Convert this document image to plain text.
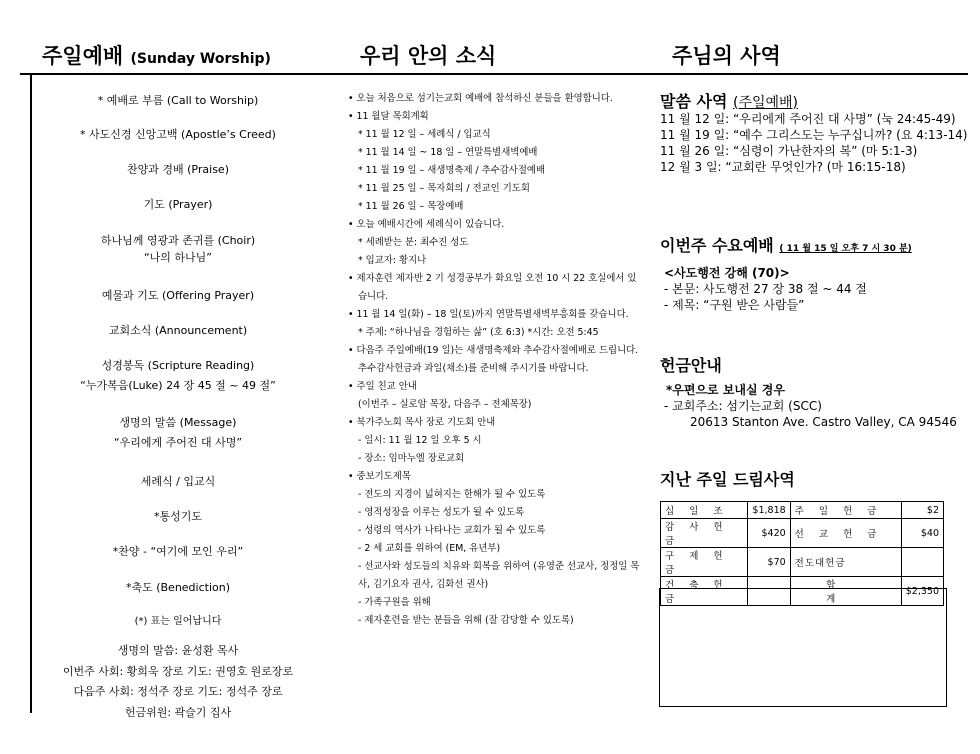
주일예배 (Sunday Worship)	우리 안의 소식	주님의 사역
* 예배로 부름 (Call to Worship)
* 사도신경 신앙고백 (Apostle’s Creed)
찬양과 경배 (Praise)
기도 (Prayer)
하나님께 영광과 존귀를 (Choir)
“나의 하나님”
예물과 기도 (Offering Prayer)
교회소식 (Announcement)
성경봉독 (Scripture Reading)
“누가복음(Luke) 24 장 45 절 ~ 49 절”
생명의 말씀 (Message)
“우리에게 주어진 대 사명”
세례식 / 입교식
*통성기도
*찬양 - “여기에 모인 우리”
*축도 (Benediction)
(*) 표는 일어납니다
생명의 말씀: 윤성환 목사
이번주 사회: 황희욱 장로 기도: 권영호 원로장로
다음주 사회: 정석주 장로 기도: 정석주 장로
헌금위원: 곽슬기 집사
• 오늘 처음으로 섬기는교회 예배에 참석하신 분들을 환영합니다.
• 11 월달 목회계획
* 11 월 12 일 – 세례식 / 입교식
* 11 월 14 일 ~ 18 일 – 연말특별새벽예배
* 11 월 19 일 – 새생명축제 / 추수감사절예배
* 11 월 25 일 – 목자회의 / 전교인 기도회
* 11 월 26 일 – 목장예배
• 오늘 예배시간에 세례식이 있습니다.
* 세례받는 분: 최수진 성도
* 입교자: 황지나
• 제자훈련 제자반 2 기 성경공부가 화요일 오전 10 시 22 호실에서 있습니다.
• 11 월 14 일(화) – 18 일(토)까지 연말특별새벽부흥회를 갖습니다.
* 주제: “하나님을 경험하는 삶” (호 6:3) *시간: 오전 5:45
• 다음주 주일예배(19 일)는 새생명축제와 추수감사절예배로 드립니다.
추수감사헌금과 과일(채소)를 준비해 주시기를 바랍니다.
• 주일 친교 안내
(이번주 – 실로암 목장, 다음주 – 전체목장)
• 북가주노회 목사 장로 기도회 안내
- 일시: 11 월 12 일 오후 5 시
- 장소: 임마누엘 장로교회
• 중보기도제목
- 전도의 지경이 넓혀지는 한해가 될 수 있도록
- 영적성장을 이루는 성도가 될 수 있도록
- 성령의 역사가 나타나는 교회가 될 수 있도록
- 2 세 교회를 위하여 (EM, 유년부)
- 선교사와 성도들의 치유와 회복을 위하여 (유영준 선교사, 정정일 목사, 김기요자 권사, 김화선 권사)
- 가족구원을 위해
- 제자훈련을 받는 분들을 위해 (잘 감당할 수 있도록)
말씀 사역 (주일예배)
11 월 12 일: “우리에게 주어진 대 사명” (눅 24:45-49)
11 월 19 일: “예수 그리스도는 누구십니까? (요 4:13-14)
11 월 26 일: “심령이 가난한자의 복” (마 5:1-3)
12 월 3 일: “교회란 무엇인가? (마 16:15-18)
이번주 수요예배 ( 11 월 15 일 오후 7 시 30 분)
<사도행전 강해 (70)>
- 본문: 사도행전 27 장 38 절 ~ 44 절
- 제목: “구원 받은 사람들”
헌금안내
*우편으로 보내실 경우
- 교회주소: 섬기는교회 (SCC)
20613 Stanton Ave. Castro Valley, CA 94546
지난 주일 드림사역
십 일 조	$1,818	주 일 헌 금	$2
감 사 헌 금	$420	선 교 헌 금	$40
구 제 헌 금	$70	전도대헌금	
건 축 헌 금		합 계	$2,350
